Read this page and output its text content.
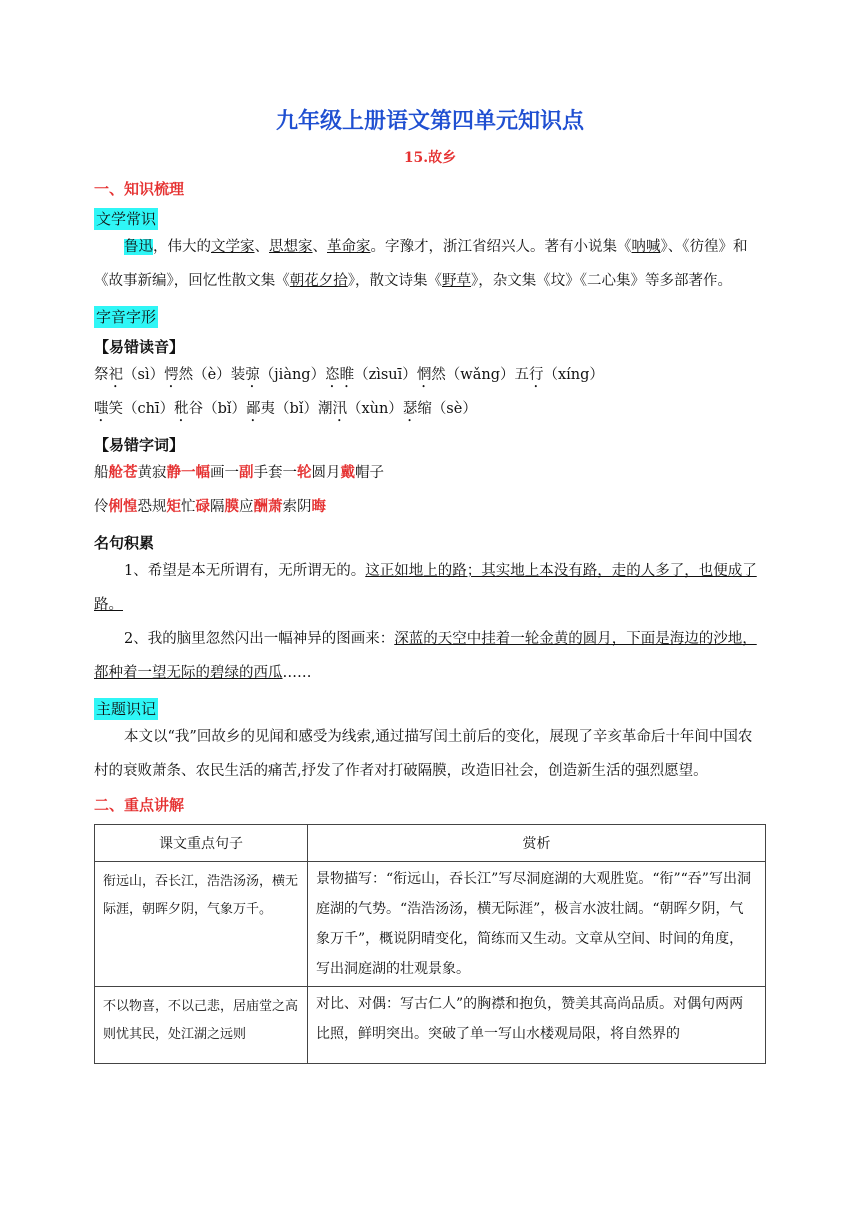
九年级上册语文第四单元知识点
15.故乡
一、知识梳理
文学常识
鲁迅，伟大的文学家、思想家、革命家。字豫才，浙江省绍兴人。著有小说集《呐喊》、《彷徨》和《故事新编》，回忆性散文集《朝花夕拾》，散文诗集《野草》，杂文集《坟》《二心集》等多部著作。
字音字形
【易错读音】
祭祀（sì）愕然（è）装弶（jiàng）恣睢（zìsuī）惘然（wǎng）五行（xíng）
嗤笑（chī）秕谷（bǐ）鄙夷（bǐ）潮汛（xùn）瑟缩（sè）
【易错字词】
船舱苍黄寂静一幅画一副手套一轮圆月戴帽子
伶俐惶恐规矩忙碌隔膜应酬萧索阴晦
名句积累
1、希望是本无所谓有，无所谓无的。这正如地上的路；其实地上本没有路，走的人多了，也便成了路。
2、我的脑里忽然闪出一幅神异的图画来：深蓝的天空中挂着一轮金黄的圆月，下面是海边的沙地，都种着一望无际的碧绿的西瓜……
主题识记
本文以“我”回故乡的见闻和感受为线索,通过描写闰土前后的变化，展现了辛亥革命后十年间中国农村的衰败萧条、农民生活的痛苦,抒发了作者对打破隔膜，改造旧社会，创造新生活的强烈愿望。
二、重点讲解
课文重点句子	赏析
衔远山，吞长江，浩浩汤汤，横无际涯，朝晖夕阴，气象万千。	景物描写：“衔远山，吞长江”写尽洞庭湖的大观胜览。“衔”“吞”写出洞庭湖的气势。“浩浩汤汤，横无际涯”，极言水波壮阔。“朝晖夕阴，气象万千”，概说阴晴变化，简练而又生动。文章从空间、时间的角度，写出洞庭湖的壮观景象。

不以物喜，不以己悲，居庙堂之高则忧其民，处江湖之远则	对比、对偶：写古仁人”的胸襟和抱负，赞美其高尚品质。对偶句两两比照，鲜明突出。突破了单一写山水楼观局限，将自然界的
